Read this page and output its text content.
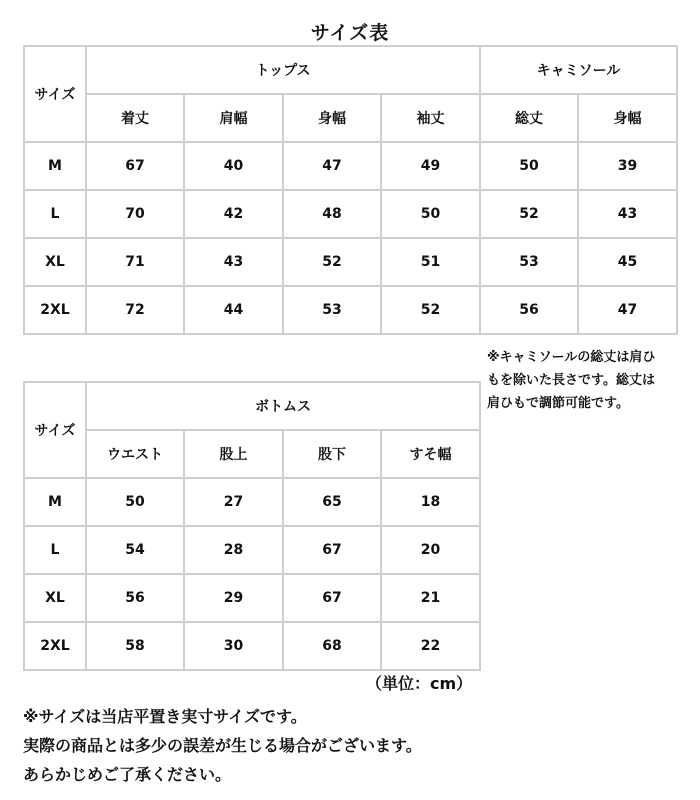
サイズ表
サイズ	トップス				キャミソール	
	着丈	肩幅	身幅	袖丈	総丈	身幅
M	67	40	47	49	50	39
L	70	42	48	50	52	43
XL	71	43	52	51	53	45
2XL	72	44	53	52	56	47
※キャミソールの総丈は肩ひ
もを除いた長さです。総丈は
肩ひもで調節可能です。
サイズ	ボトムス			
	ウエスト	股上	股下	すそ幅
M	50	27	65	18
L	54	28	67	20
XL	56	29	67	21
2XL	58	30	68	22
（単位：cm）
※サイズは当店平置き実寸サイズです。
実際の商品とは多少の誤差が生じる場合がございます。
あらかじめご了承ください。
